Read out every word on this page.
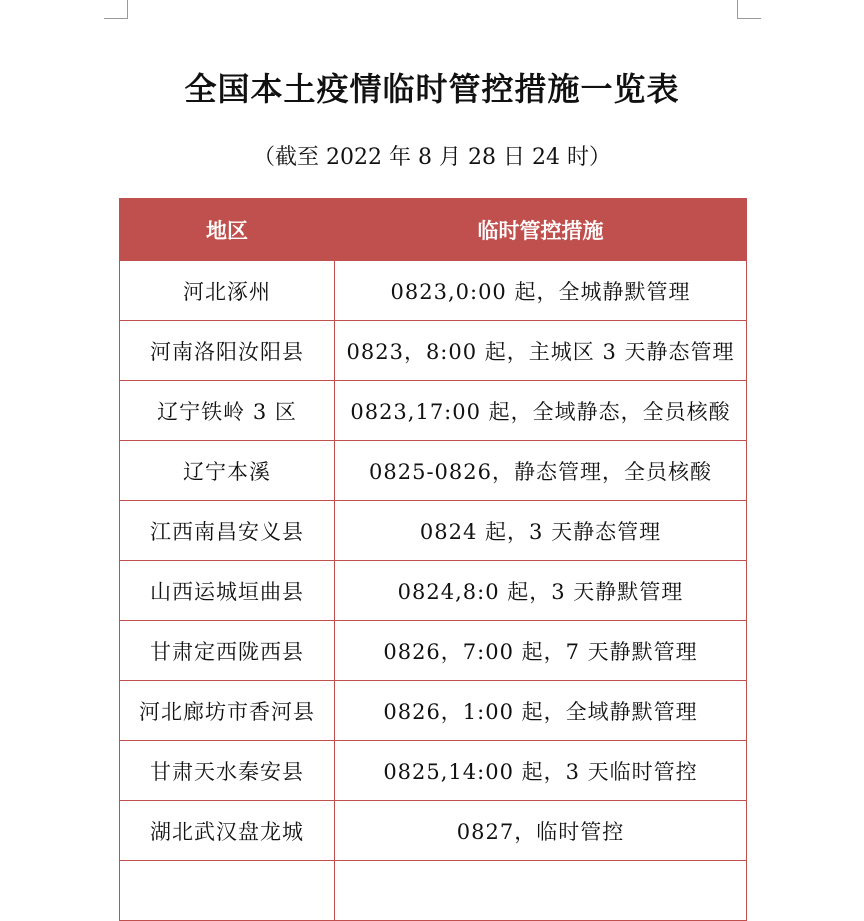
全国本土疫情临时管控措施一览表
（截至 2022 年 8 月 28 日 24 时）
地区	临时管控措施
河北涿州	0823,0:00 起，全城静默管理
河南洛阳汝阳县	0823，8:00 起，主城区 3 天静态管理
辽宁铁岭 3 区	0823,17:00 起，全域静态，全员核酸
辽宁本溪	0825-0826，静态管理，全员核酸
江西南昌安义县	0824 起，3 天静态管理
山西运城垣曲县	0824,8:0 起，3 天静默管理
甘肃定西陇西县	0826，7:00 起，7 天静默管理
河北廊坊市香河县	0826，1:00 起，全域静默管理
甘肃天水秦安县	0825,14:00 起，3 天临时管控
湖北武汉盘龙城	0827，临时管控
